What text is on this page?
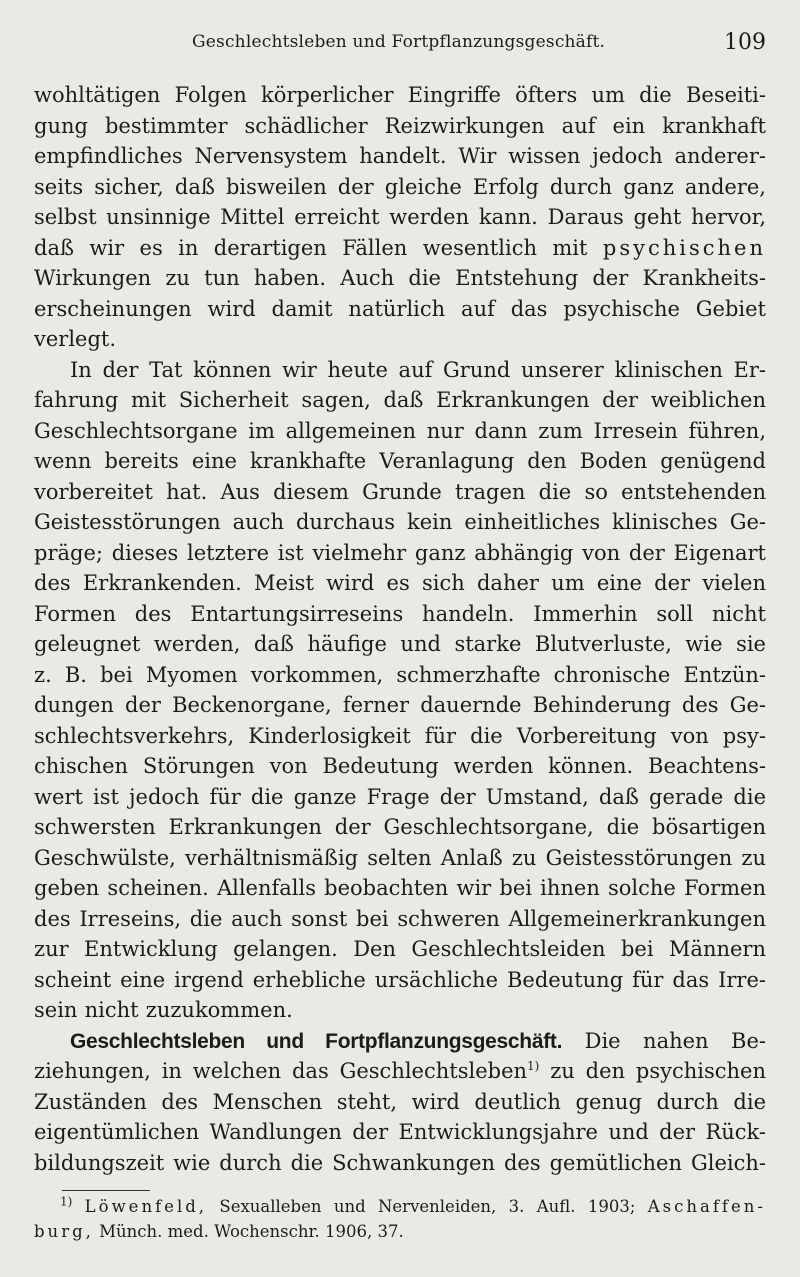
Geschlechtsleben und Fortpflanzungsgeschäft.	109
wohltätigen Folgen körperlicher Eingriffe öfters um die Beseiti-
gung bestimmter schädlicher Reizwirkungen auf ein krankhaft
empfindliches Nervensystem handelt. Wir wissen jedoch anderer-
seits sicher, daß bisweilen der gleiche Erfolg durch ganz andere,
selbst unsinnige Mittel erreicht werden kann. Daraus geht hervor,
daß wir es in derartigen Fällen wesentlich mit psychischen
Wirkungen zu tun haben. Auch die Entstehung der Krankheits-
erscheinungen wird damit natürlich auf das psychische Gebiet
verlegt.
In der Tat können wir heute auf Grund unserer klinischen Er-
fahrung mit Sicherheit sagen, daß Erkrankungen der weiblichen
Geschlechtsorgane im allgemeinen nur dann zum Irresein führen,
wenn bereits eine krankhafte Veranlagung den Boden genügend
vorbereitet hat. Aus diesem Grunde tragen die so entstehenden
Geistesstörungen auch durchaus kein einheitliches klinisches Ge-
präge; dieses letztere ist vielmehr ganz abhängig von der Eigenart
des Erkrankenden. Meist wird es sich daher um eine der vielen
Formen des Entartungsirreseins handeln. Immerhin soll nicht
geleugnet werden, daß häufige und starke Blutverluste, wie sie
z. B. bei Myomen vorkommen, schmerzhafte chronische Entzün-
dungen der Beckenorgane, ferner dauernde Behinderung des Ge-
schlechtsverkehrs, Kinderlosigkeit für die Vorbereitung von psy-
chischen Störungen von Bedeutung werden können. Beachtens-
wert ist jedoch für die ganze Frage der Umstand, daß gerade die
schwersten Erkrankungen der Geschlechtsorgane, die bösartigen
Geschwülste, verhältnismäßig selten Anlaß zu Geistesstörungen zu
geben scheinen. Allenfalls beobachten wir bei ihnen solche Formen
des Irreseins, die auch sonst bei schweren Allgemeinerkrankungen
zur Entwicklung gelangen. Den Geschlechtsleiden bei Männern
scheint eine irgend erhebliche ursächliche Bedeutung für das Irre-
sein nicht zuzukommen.
Geschlechtsleben und Fortpflanzungsgeschäft. Die nahen Be-
ziehungen, in welchen das Geschlechtsleben$^{1)}$ zu den psychischen
Zuständen des Menschen steht, wird deutlich genug durch die
eigentümlichen Wandlungen der Entwicklungsjahre und der Rück-
bildungszeit wie durch die Schwankungen des gemütlichen Gleich-
$^{1)}$ Löwenfeld, Sexualleben und Nervenleiden, 3. Aufl. 1903; Aschaffen-
burg, Münch. med. Wochenschr. 1906, 37.
